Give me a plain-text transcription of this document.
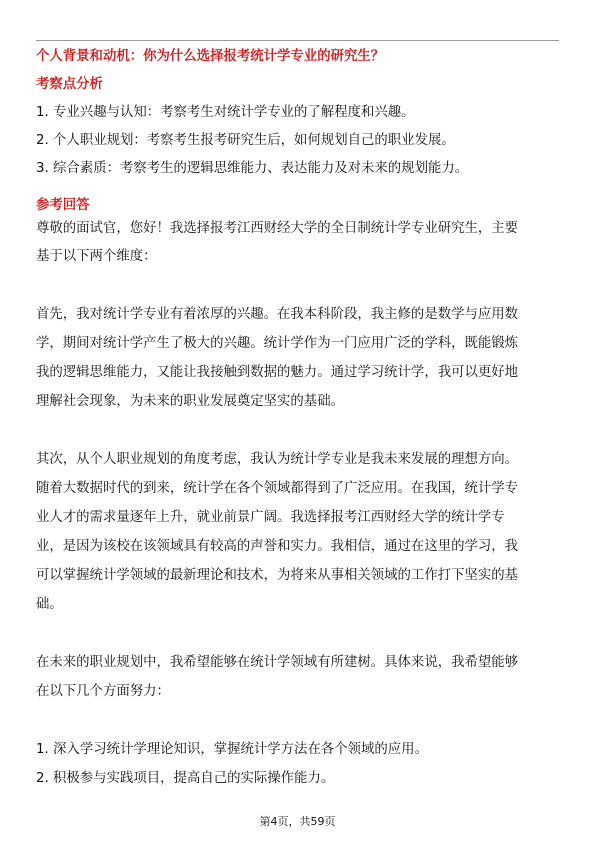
个人背景和动机：你为什么选择报考统计学专业的研究生？
考察点分析
1. 专业兴趣与认知：考察考生对统计学专业的了解程度和兴趣。
2. 个人职业规划：考察考生报考研究生后，如何规划自己的职业发展。
3. 综合素质：考察考生的逻辑思维能力、表达能力及对未来的规划能力。
参考回答
尊敬的面试官，您好！我选择报考江西财经大学的全日制统计学专业研究生，主要
基于以下两个维度：
首先，我对统计学专业有着浓厚的兴趣。在我本科阶段，我主修的是数学与应用数
学，期间对统计学产生了极大的兴趣。统计学作为一门应用广泛的学科，既能锻炼
我的逻辑思维能力，又能让我接触到数据的魅力。通过学习统计学，我可以更好地
理解社会现象，为未来的职业发展奠定坚实的基础。
其次，从个人职业规划的角度考虑，我认为统计学专业是我未来发展的理想方向。
随着大数据时代的到来，统计学在各个领域都得到了广泛应用。在我国，统计学专
业人才的需求量逐年上升，就业前景广阔。我选择报考江西财经大学的统计学专
业，是因为该校在该领域具有较高的声誉和实力。我相信，通过在这里的学习，我
可以掌握统计学领域的最新理论和技术，为将来从事相关领域的工作打下坚实的基
础。
在未来的职业规划中，我希望能够在统计学领域有所建树。具体来说，我希望能够
在以下几个方面努力：
1. 深入学习统计学理论知识，掌握统计学方法在各个领域的应用。
2. 积极参与实践项目，提高自己的实际操作能力。
第4页，共59页
